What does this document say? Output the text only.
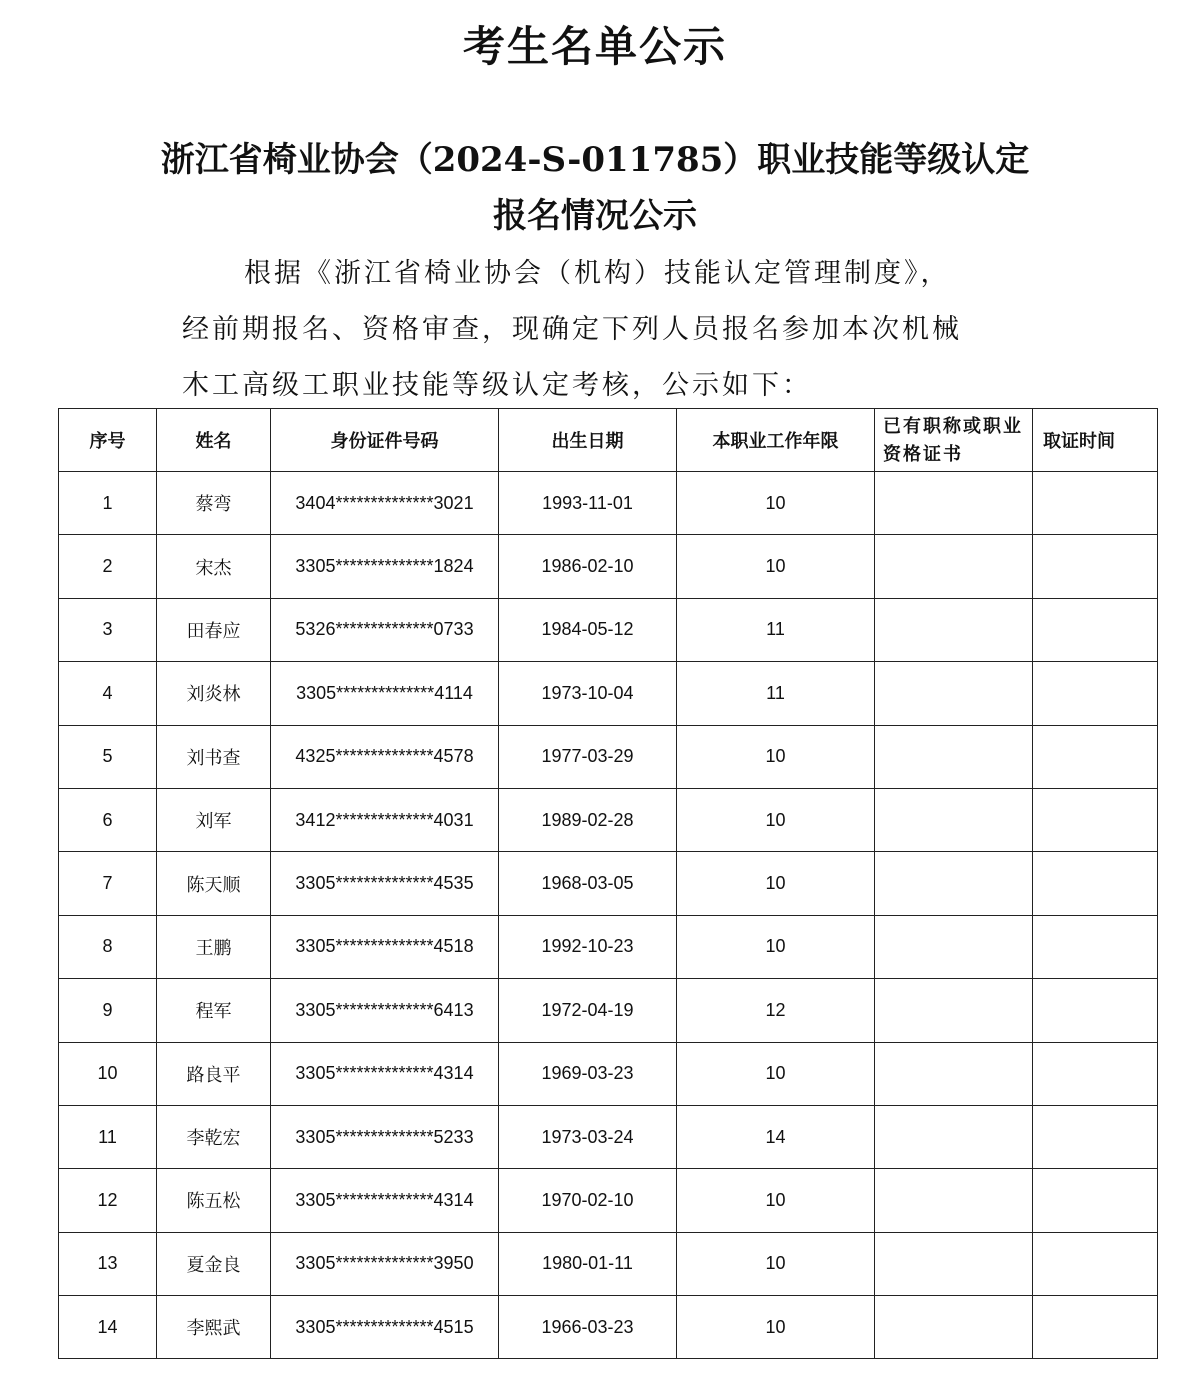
考生名单公示
浙江省椅业协会（2024-S-011785）职业技能等级认定
报名情况公示
根据《浙江省椅业协会（机构）技能认定管理制度》，
经前期报名、资格审查，现确定下列人员报名参加本次机械
木工高级工职业技能等级认定考核，公示如下：
序号	姓名	身份证件号码	出生日期	本职业工作年限	已有职称或职业资格证书	取证时间
1	蔡弯	3404**************3021	1993-11-01	10		
2	宋杰	3305**************1824	1986-02-10	10		
3	田春应	5326**************0733	1984-05-12	11		
4	刘炎林	3305**************4114	1973-10-04	11		
5	刘书查	4325**************4578	1977-03-29	10		
6	刘军	3412**************4031	1989-02-28	10		
7	陈天顺	3305**************4535	1968-03-05	10		
8	王鹏	3305**************4518	1992-10-23	10		
9	程军	3305**************6413	1972-04-19	12		
10	路良平	3305**************4314	1969-03-23	10		
11	李乾宏	3305**************5233	1973-03-24	14		
12	陈五松	3305**************4314	1970-02-10	10		
13	夏金良	3305**************3950	1980-01-11	10		
14	李熙武	3305**************4515	1966-03-23	10		
